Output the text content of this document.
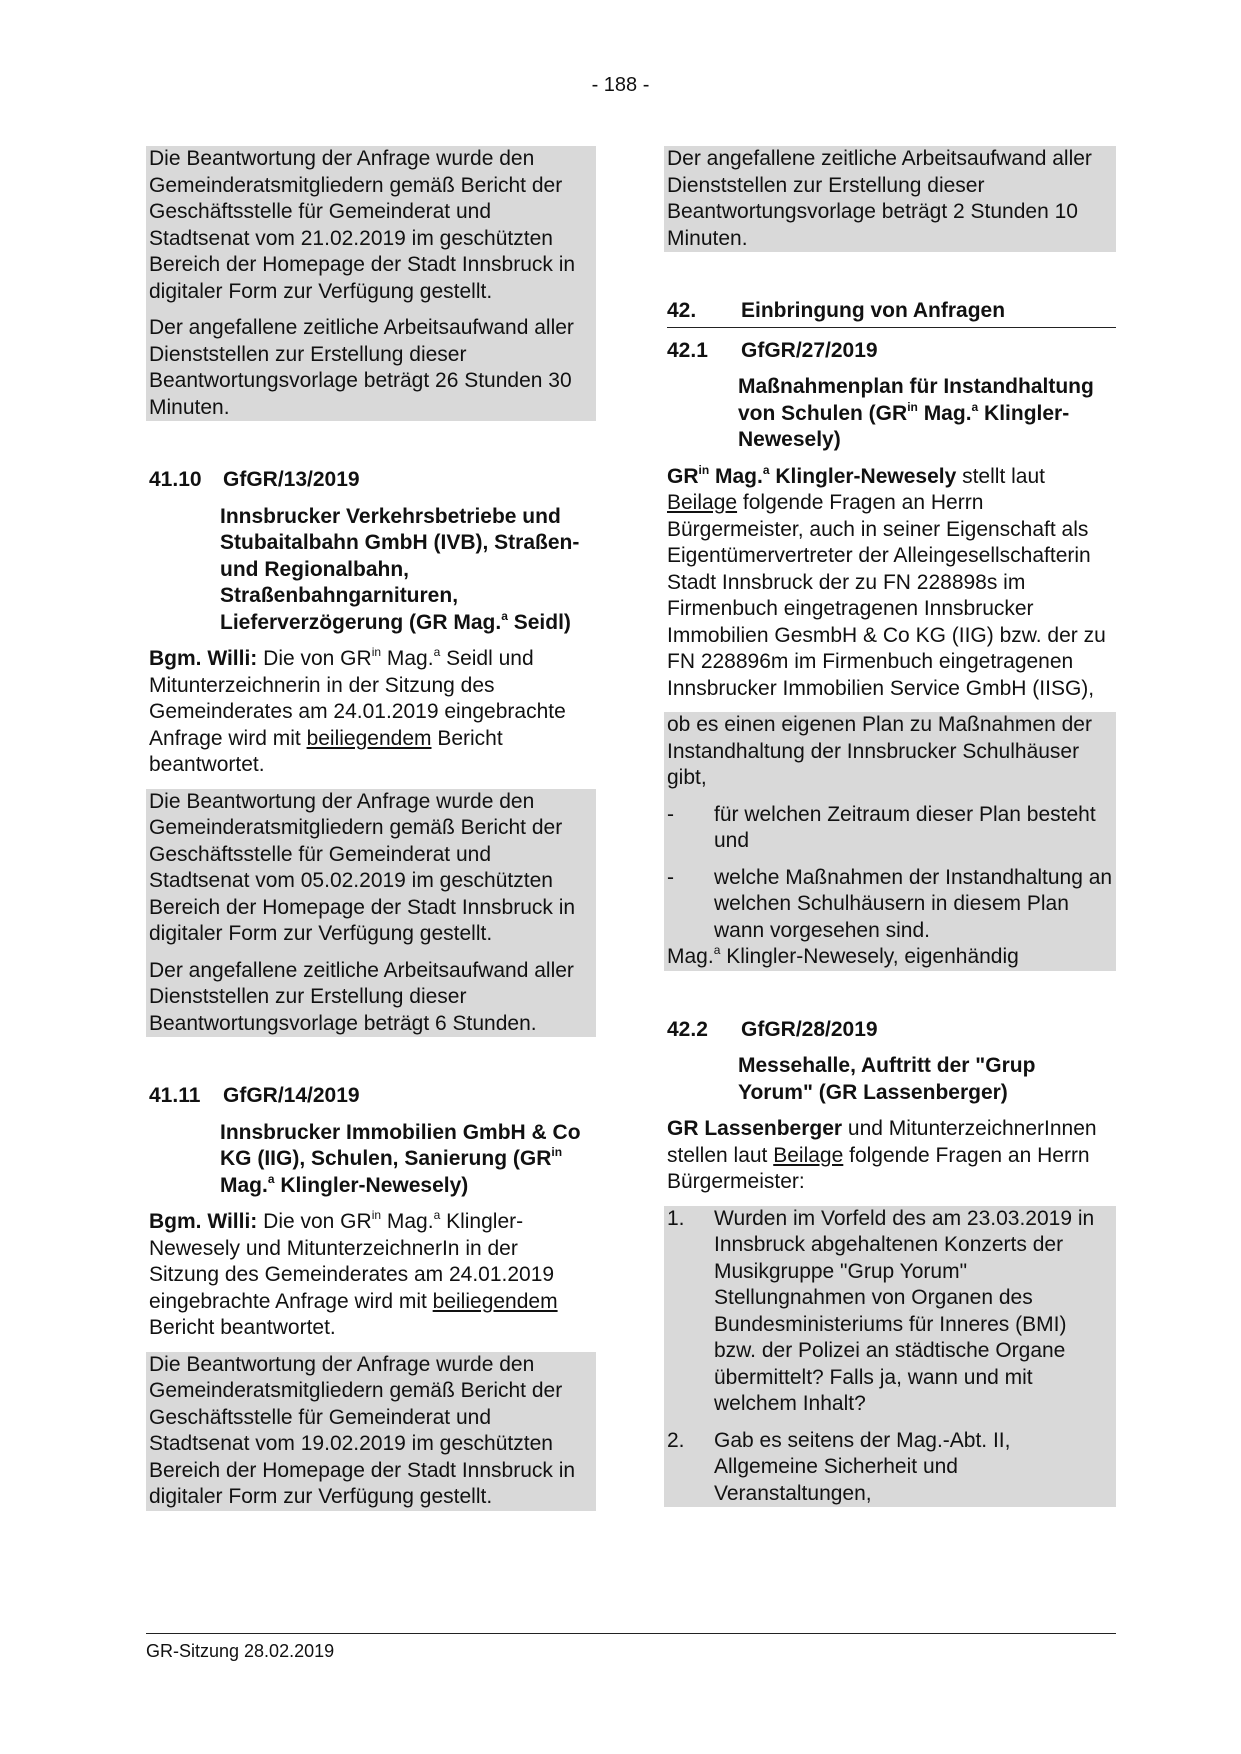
- 188 -

Die Beantwortung der Anfrage wurde den Gemeinderatsmitgliedern gemäß Bericht der Geschäftsstelle für Gemeinderat und Stadtsenat vom 21.02.2019 im geschützten Bereich der Homepage der Stadt Innsbruck in digitaler Form zur Verfügung gestellt.

Der angefallene zeitliche Arbeitsaufwand aller Dienststellen zur Erstellung dieser Beantwortungsvorlage beträgt 26 Stunden 30 Minuten.

41.10	GfGR/13/2019
Innsbrucker Verkehrsbetriebe und Stubaitalbahn GmbH (IVB), Straßen- und Regionalbahn, Straßenbahngarnituren, Lieferverzögerung (GR Mag.$^a$ Seidl)

Bgm. Willi: Die von $GR^{in}$ Mag.$^a$ Seidl und Mitunterzeichnerin in der Sitzung des Gemeinderates am 24.01.2019 eingebrachte Anfrage wird mit beiliegendem Bericht beantwortet.

Die Beantwortung der Anfrage wurde den Gemeinderatsmitgliedern gemäß Bericht der Geschäftsstelle für Gemeinderat und Stadtsenat vom 05.02.2019 im geschützten Bereich der Homepage der Stadt Innsbruck in digitaler Form zur Verfügung gestellt.

Der angefallene zeitliche Arbeitsaufwand aller Dienststellen zur Erstellung dieser Beantwortungsvorlage beträgt 6 Stunden.

41.11	GfGR/14/2019
Innsbrucker Immobilien GmbH & Co KG (IIG), Schulen, Sanierung ($GR^{in}$ Mag.$^a$ Klingler-Newesely)

Bgm. Willi: Die von $GR^{in}$ Mag.$^a$ Klingler-Newesely und MitunterzeichnerIn in der Sitzung des Gemeinderates am 24.01.2019 eingebrachte Anfrage wird mit beiliegendem Bericht beantwortet.

Die Beantwortung der Anfrage wurde den Gemeinderatsmitgliedern gemäß Bericht der Geschäftsstelle für Gemeinderat und Stadtsenat vom 19.02.2019 im geschützten Bereich der Homepage der Stadt Innsbruck in digitaler Form zur Verfügung gestellt.

Der angefallene zeitliche Arbeitsaufwand aller Dienststellen zur Erstellung dieser Beantwortungsvorlage beträgt 2 Stunden 10 Minuten.

42.	Einbringung von Anfragen
42.1	GfGR/27/2019
Maßnahmenplan für Instandhaltung von Schulen ($GR^{in}$ Mag.$^a$ Klingler-Newesely)

$GR^{in}$ Mag.$^a$ Klingler-Newesely stellt laut Beilage folgende Fragen an Herrn Bürgermeister, auch in seiner Eigenschaft als Eigentümervertreter der Alleingesellschafterin Stadt Innsbruck der zu FN 228898s im Firmenbuch eingetragenen Innsbrucker Immobilien GesmbH & Co KG (IIG) bzw. der zu FN 228896m im Firmenbuch eingetragenen Innsbrucker Immobilien Service GmbH (IISG),

ob es einen eigenen Plan zu Maßnahmen der Instandhaltung der Innsbrucker Schulhäuser gibt,

-	für welchen Zeitraum dieser Plan besteht und
-	welche Maßnahmen der Instandhaltung an welchen Schulhäusern in diesem Plan wann vorgesehen sind.

Mag.$^a$ Klingler-Newesely, eigenhändig

42.2	GfGR/28/2019
Messehalle, Auftritt der "Grup Yorum" (GR Lassenberger)

GR Lassenberger und MitunterzeichnerInnen stellen laut Beilage folgende Fragen an Herrn Bürgermeister:

1.	Wurden im Vorfeld des am 23.03.2019 in Innsbruck abgehaltenen Konzerts der Musikgruppe "Grup Yorum" Stellungnahmen von Organen des Bundesministeriums für Inneres (BMI) bzw. der Polizei an städtische Organe übermittelt? Falls ja, wann und mit welchem Inhalt?
2.	Gab es seitens der Mag.-Abt. II, Allgemeine Sicherheit und Veranstaltungen,
GR-Sitzung 28.02.2019
